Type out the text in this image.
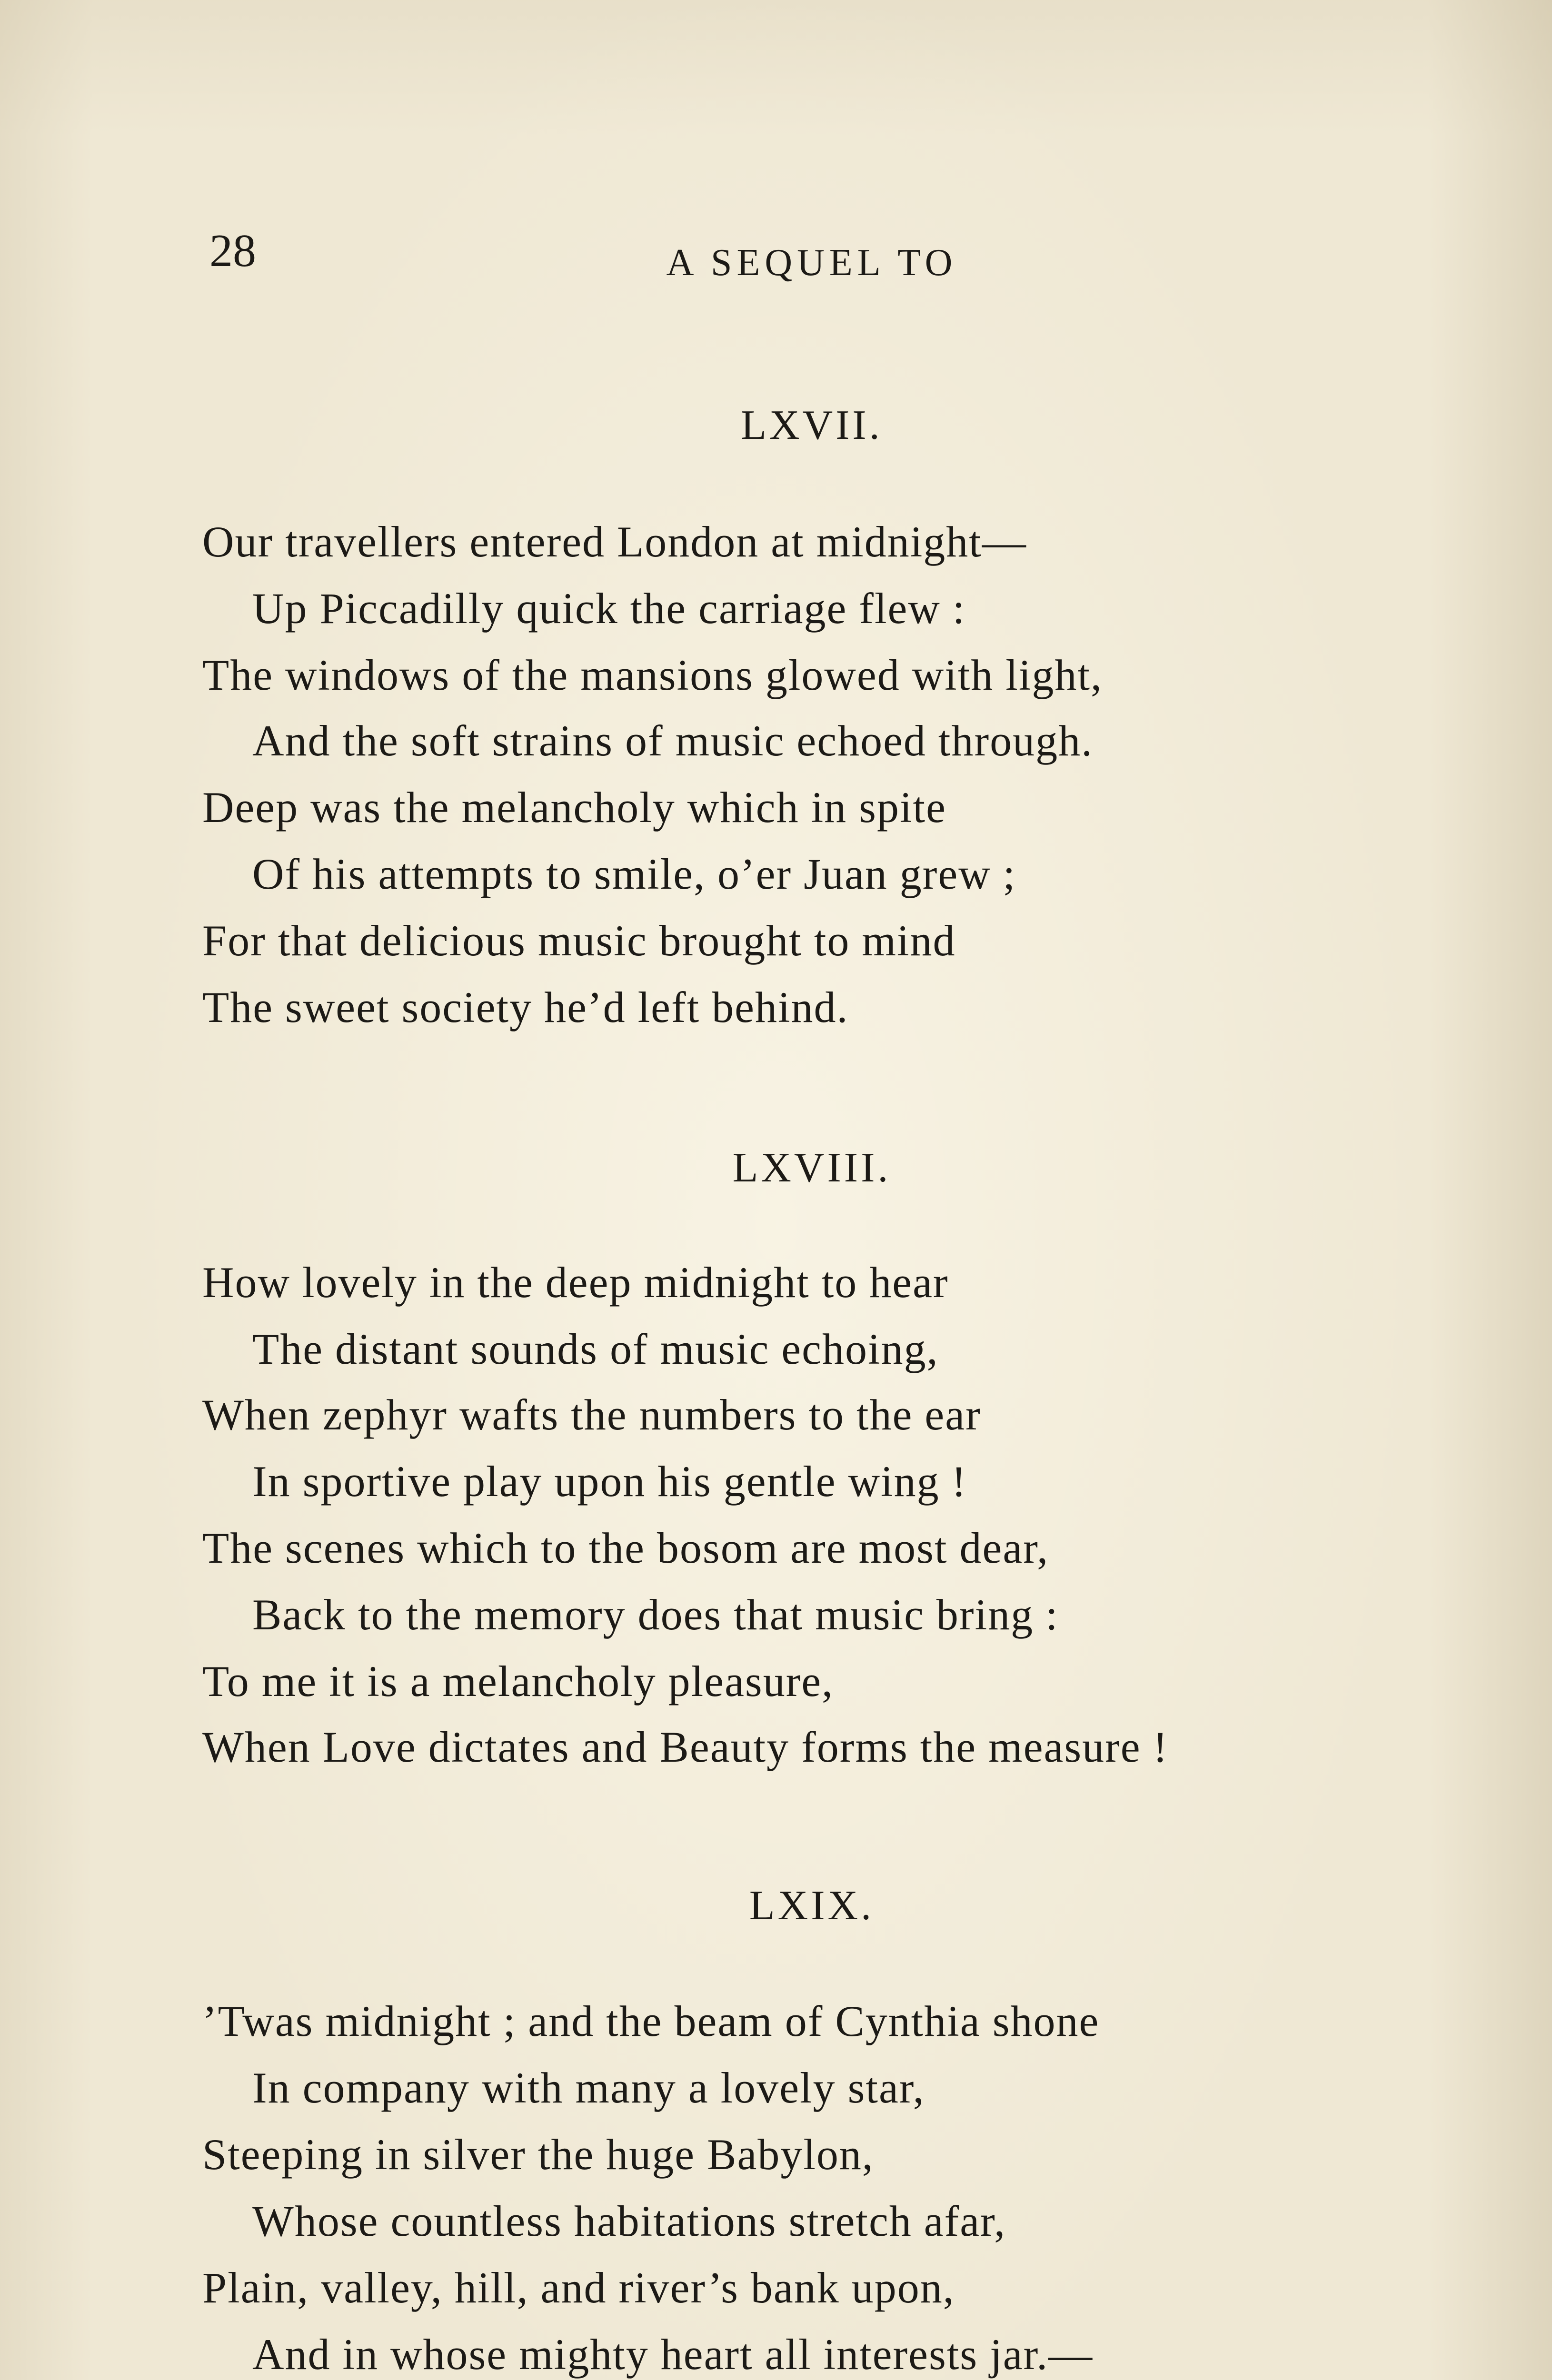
28	A SEQUEL TO
LXVII.
Our travellers entered London at midnight—
Up Piccadilly quick the carriage flew :
The windows of the mansions glowed with light,
And the soft strains of music echoed through.
Deep was the melancholy which in spite
Of his attempts to smile, o’er Juan grew ;
For that delicious music brought to mind
The sweet society he’d left behind.
LXVIII.
How lovely in the deep midnight to hear
The distant sounds of music echoing,
When zephyr wafts the numbers to the ear
In sportive play upon his gentle wing !
The scenes which to the bosom are most dear,
Back to the memory does that music bring :
To me it is a melancholy pleasure,
When Love dictates and Beauty forms the measure !
LXIX.
’Twas midnight ; and the beam of Cynthia shone
In company with many a lovely star,
Steeping in silver the huge Babylon,
Whose countless habitations stretch afar,
Plain, valley, hill, and river’s bank upon,
And in whose mighty heart all interests jar.—
